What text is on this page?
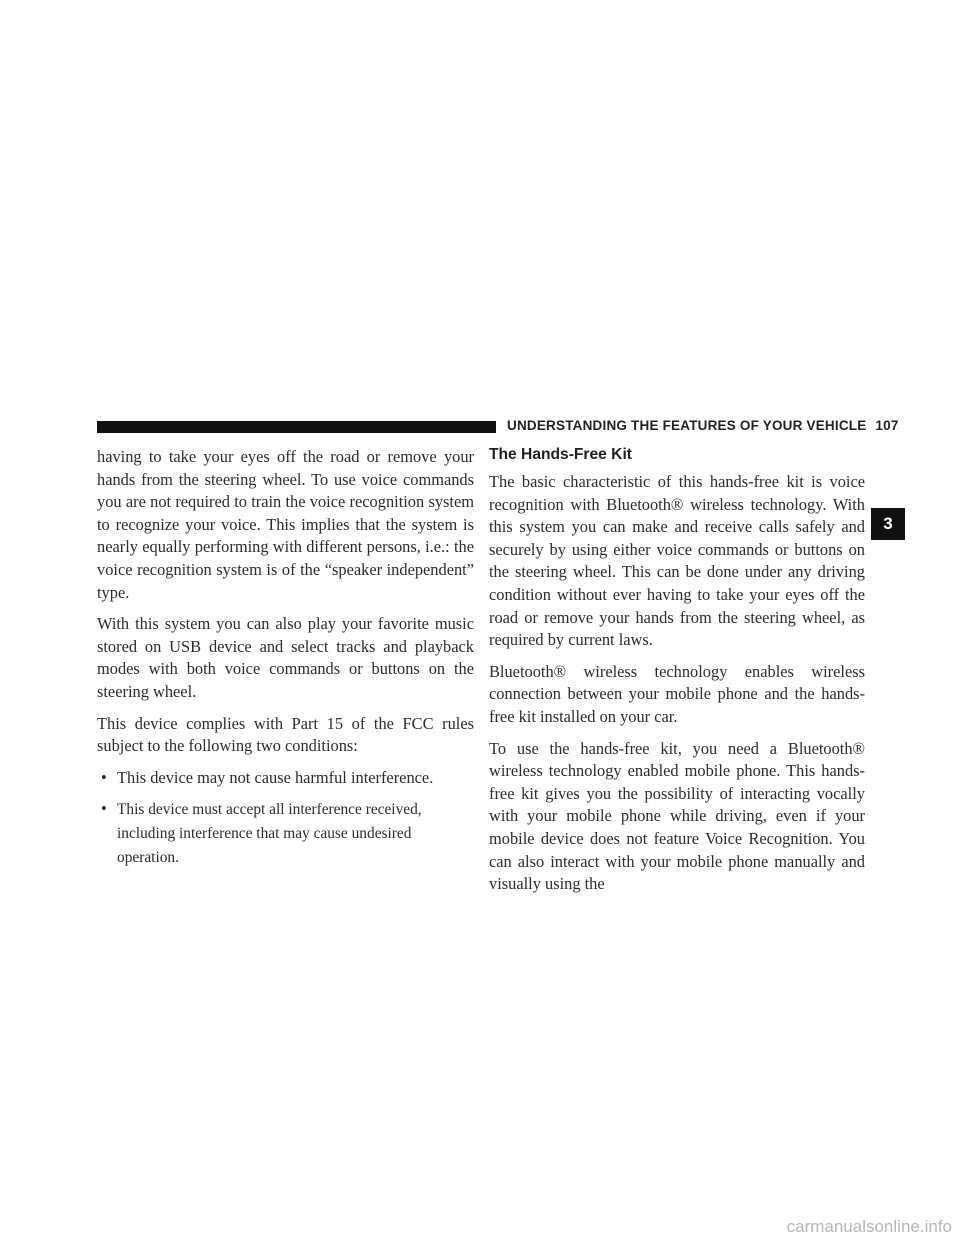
UNDERSTANDING THE FEATURES OF YOUR VEHICLE 107

having to take your eyes off the road or remove your hands from the steering wheel. To use voice commands you are not required to train the voice recognition system to recognize your voice. This implies that the system is nearly equally performing with different persons, i.e.: the voice recognition system is of the “speaker independent” type.

With this system you can also play your favorite music stored on USB device and select tracks and playback modes with both voice commands or buttons on the steering wheel.

This device complies with Part 15 of the FCC rules subject to the following two conditions:

• This device may not cause harmful interference.
• This device must accept all interference received, including interference that may cause undesired operation.
The Hands-Free Kit

The basic characteristic of this hands-free kit is voice recognition with Bluetooth® wireless technology. With this system you can make and receive calls safely and securely by using either voice commands or buttons on the steering wheel. This can be done under any driving condition without ever having to take your eyes off the road or remove your hands from the steering wheel, as required by current laws.

Bluetooth® wireless technology enables wireless connection between your mobile phone and the hands-free kit installed on your car.

To use the hands-free kit, you need a Bluetooth® wireless technology enabled mobile phone. This hands-free kit gives you the possibility of interacting vocally with your mobile phone while driving, even if your mobile device does not feature Voice Recognition. You can also interact with your mobile phone manually and visually using the

3
carmanualsonline.info
